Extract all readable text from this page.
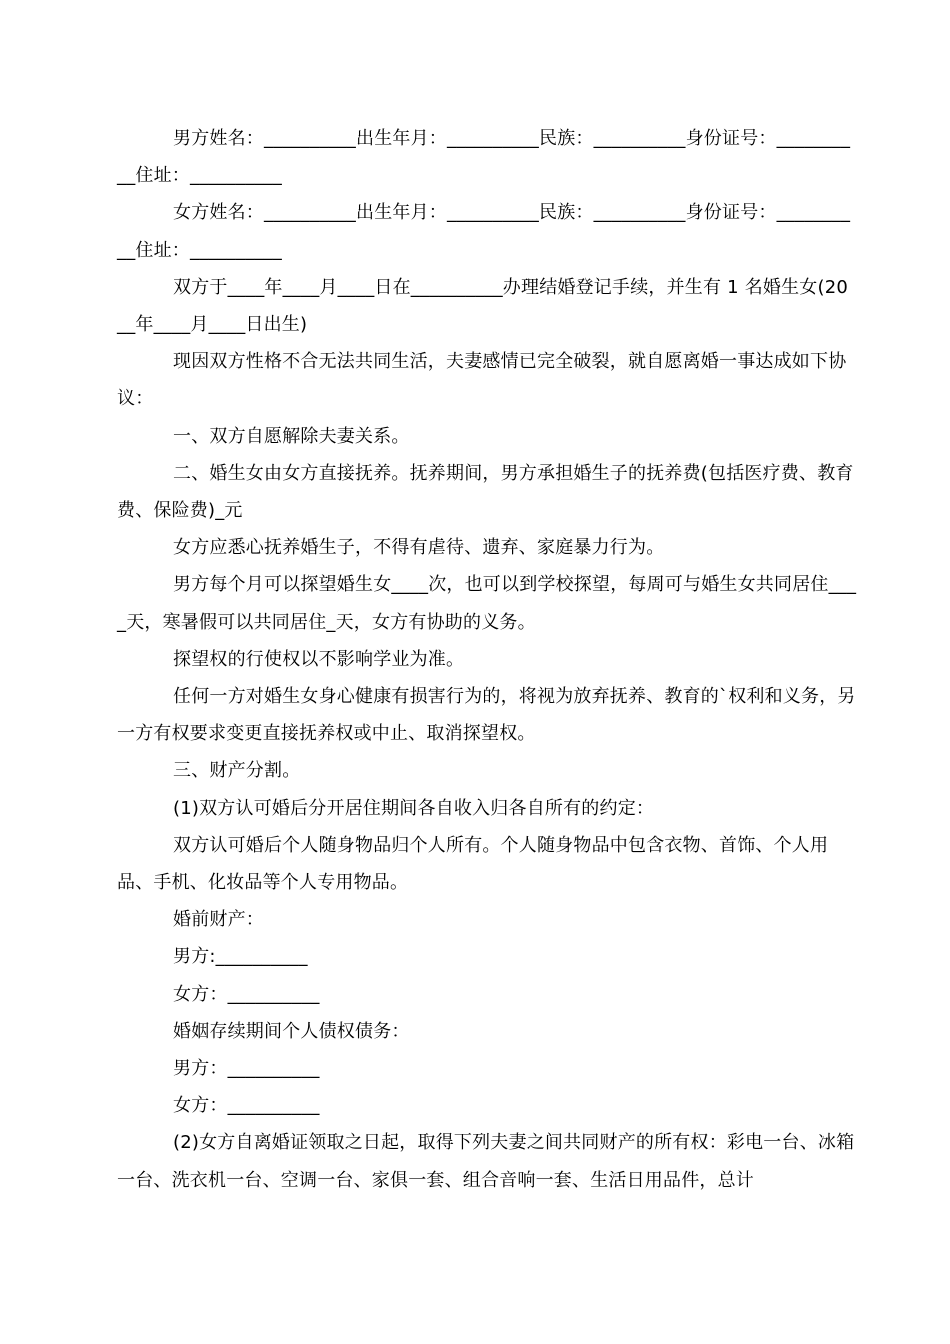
男方姓名：__________出生年月：__________民族：__________身份证号：__________住址：__________

女方姓名：__________出生年月：__________民族：__________身份证号：__________住址：__________

双方于____年____月____日在__________办理结婚登记手续，并生有 1 名婚生女(20__年____月____日出生)

现因双方性格不合无法共同生活，夫妻感情已完全破裂，就自愿离婚一事达成如下协议：

一、双方自愿解除夫妻关系。

二、婚生女由女方直接抚养。抚养期间，男方承担婚生子的抚养费(包括医疗费、教育费、保险费)_元

女方应悉心抚养婚生子，不得有虐待、遗弃、家庭暴力行为。

男方每个月可以探望婚生女____次，也可以到学校探望，每周可与婚生女共同居住____天，寒暑假可以共同居住_天，女方有协助的义务。

探望权的行使权以不影响学业为准。

任何一方对婚生女身心健康有损害行为的，将视为放弃抚养、教育的`权利和义务，另一方有权要求变更直接抚养权或中止、取消探望权。

三、财产分割。

(1)双方认可婚后分开居住期间各自收入归各自所有的约定：

双方认可婚后个人随身物品归个人所有。个人随身物品中包含衣物、首饰、个人用品、手机、化妆品等个人专用物品。

婚前财产：

男方:__________

女方：__________

婚姻存续期间个人债权债务：

男方：__________

女方：__________

(2)女方自离婚证领取之日起，取得下列夫妻之间共同财产的所有权：彩电一台、冰箱一台、洗衣机一台、空调一台、家俱一套、组合音响一套、生活日用品件，总计
